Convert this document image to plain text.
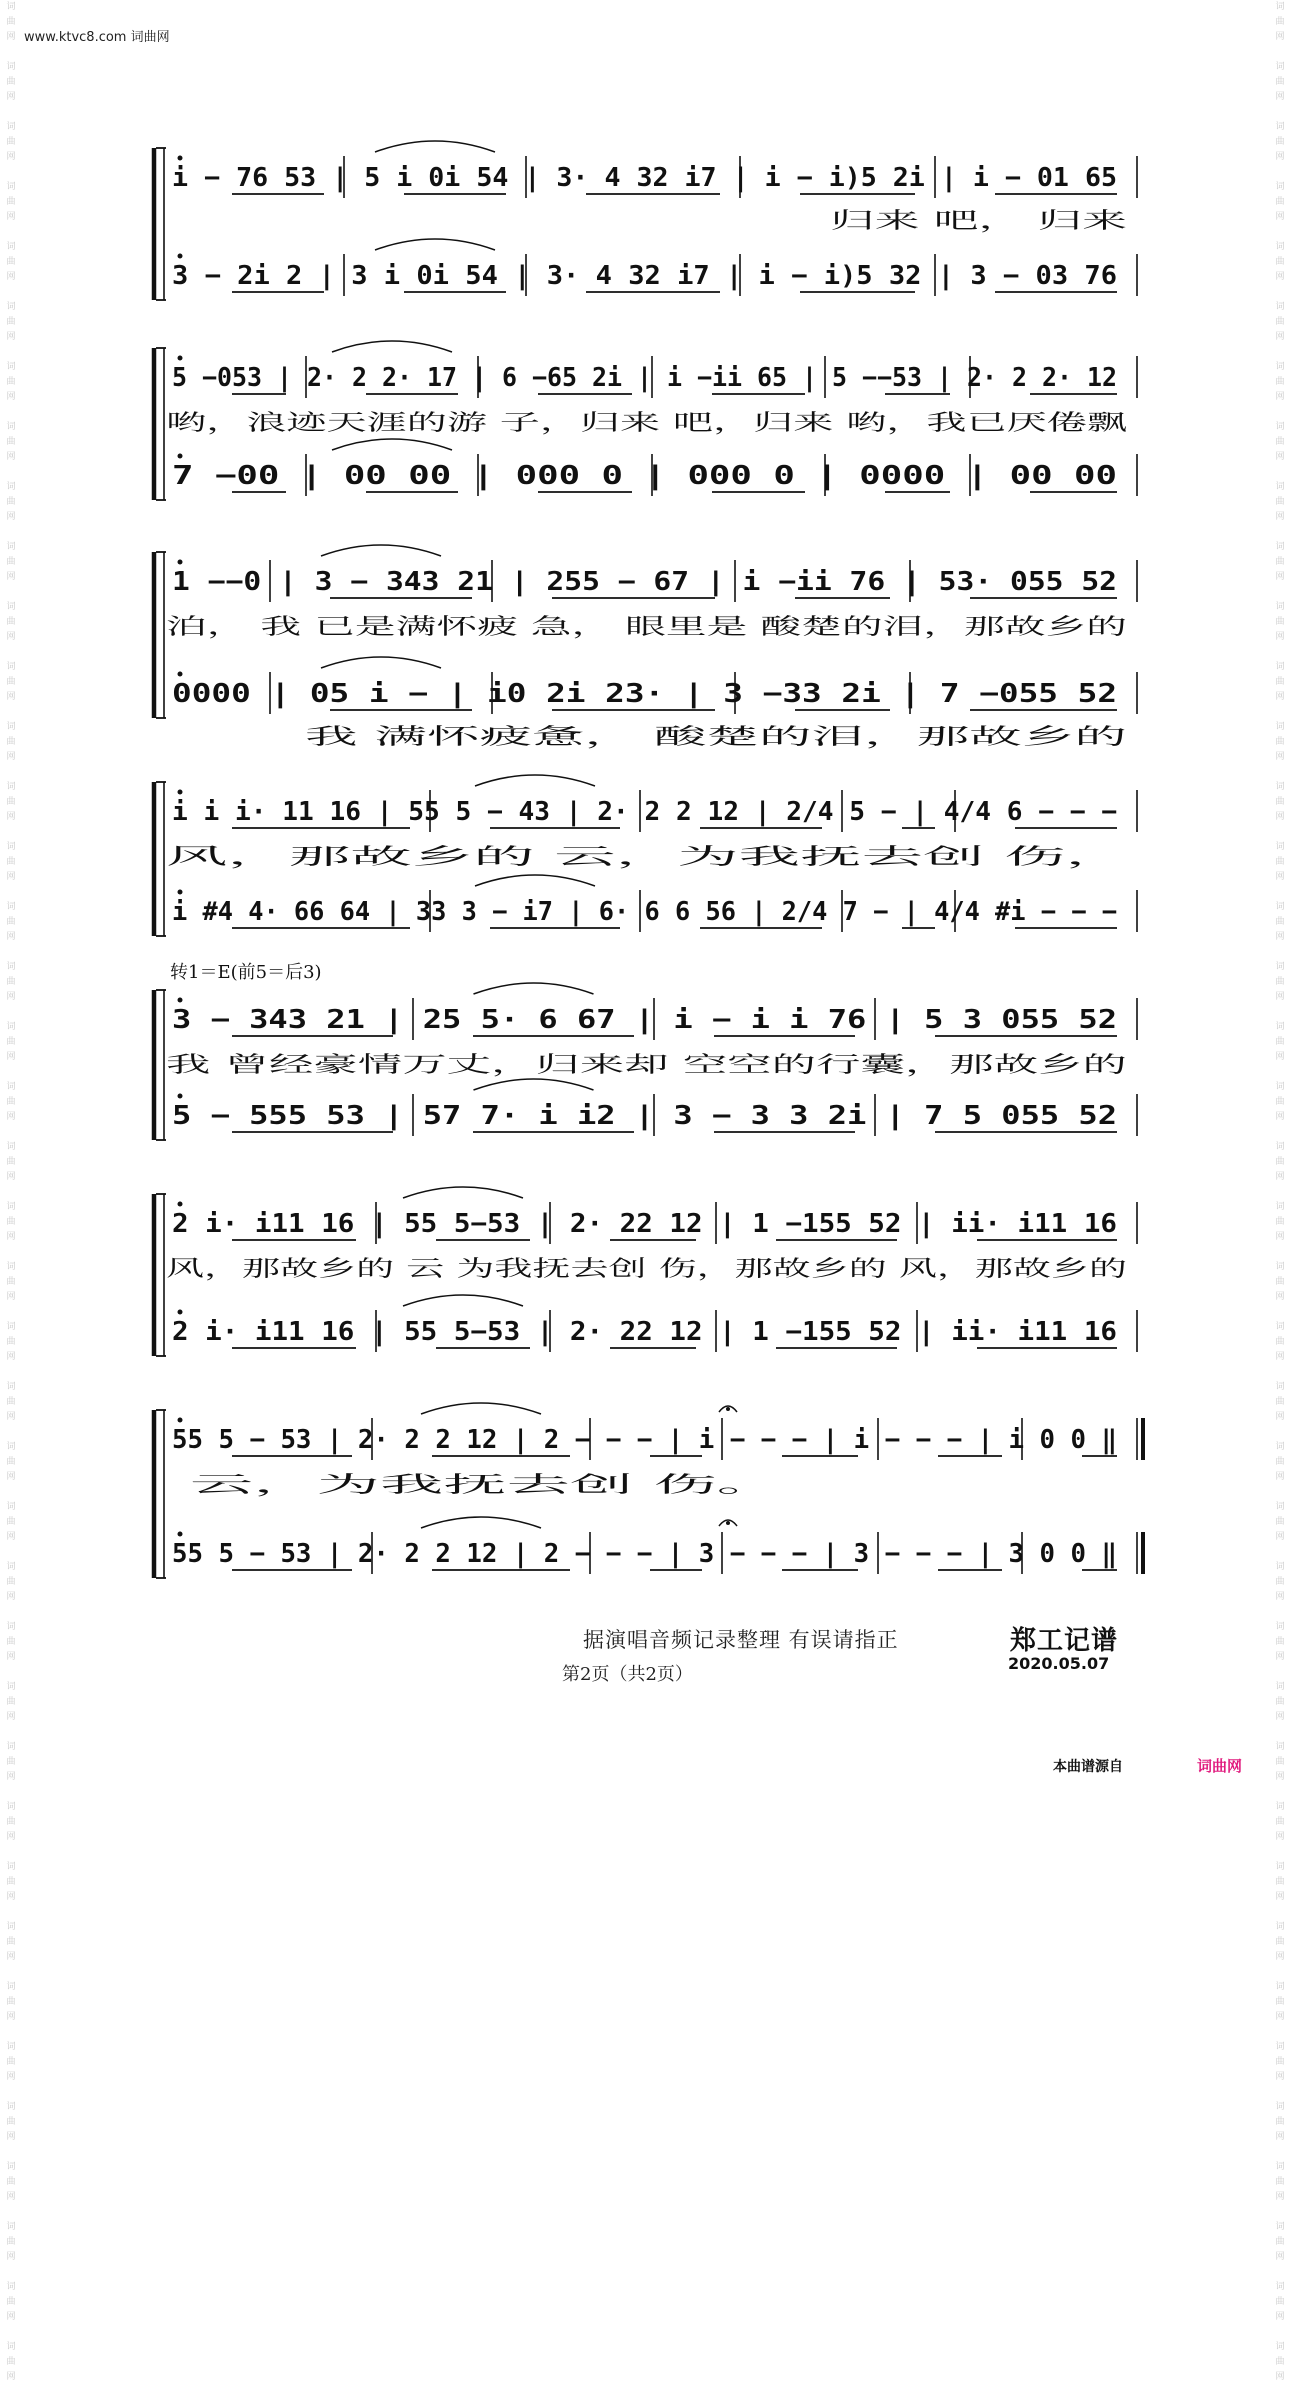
词
曲
网

词
曲
网

词
曲
网

词
曲
网

词
曲
网

词
曲
网

词
曲
网

词
曲
网

词
曲
网

词
曲
网

词
曲
网

词
曲
网

词
曲
网

词
曲
网

词
曲
网

词
曲
网

词
曲
网

词
曲
网

词
曲
网

词
曲
网

词
曲
网

词
曲
网

词
曲
网

词
曲
网

词
曲
网

词
曲
网

词
曲
网

词
曲
网

词
曲
网

词
曲
网

词
曲
网

词
曲
网

词
曲
网

词
曲
网

词
曲
网

词
曲
网

词
曲
网

词
曲
网

词
曲
网

词
曲
网

词
曲
网

词
曲
网

词
曲
网

词
曲
网

词
曲
网

词
曲
网

词
曲
网

词
曲
网

词
曲
网

词
曲
网

词
曲
网

词
曲
网

词
曲
网

词
曲
网

词
曲
网

词
曲
网

词
曲
网

词
曲
网

词
曲
网

词
曲
网

词
曲
网

词
曲
网

词
曲
网

词
曲
网

词
曲
网

词
曲
网

词
曲
网

词
曲
网

词
曲
网

词
曲
网

词
曲
网

词
曲
网

词
曲
网

词
曲
网

词
曲
网

词
曲
网

词
曲
网

词
曲
网

词
曲
网

词
曲
网

www.ktvc8.com 词曲网
i − 76 53 | 5 i 0i 54 | 3· 4 32 i7 | i − i)5 2i | i − 01 65
3 − 2i 2 | 3 i 0i 54 | 3· 4 32 i7 | i − i)5 32 | 3 − 03 76
归来 吧， 归来
5 −053 | 2· 2 2· 17 | 6 −65 2i | i −ii 65 | 5 −−53 | 2· 2 2· 12
7 −00 | 00 00 | 000 0 | 000 0 | 0000 | 00 00
哟，浪迹天涯的游 子，归来 吧，归来 哟，我已厌倦飘
1 −−0 | 3 − 343 21 | 255 − 67 | i −ii 76 | 53· 055 52
0000 | 05 i − | i0 2i 23· | 3 −33 2i | 7 −055 52
泊， 我 已是满怀疲 急， 眼里是 酸楚的泪，那故乡的
我 满怀疲惫， 酸楚的泪，那故乡的
i i i· 11 16 | 55 5 − 43 | 2· 2 2 12 | 2/4 5 − | 4/4 6 − − −
i #4 4· 66 64 | 33 3 − i7 | 6· 6 6 56 | 2/4 7 − | 4/4 #i − − −
风，那故乡的 云，为我抚去创 伤，
3 − 343 21 | 25 5· 6 67 | i − i i 76 | 5 3 055 52
5 − 555 53 | 57 7· i i2 | 3 − 3 3 2i | 7 5 055 52
我 曾经豪情万丈，归来却 空空的行囊，那故乡的
2 i· i11 16 | 55 5−53 | 2· 22 12 | 1 −155 52 | ii· i11 16
2 i· i11 16 | 55 5−53 | 2· 22 12 | 1 −155 52 | ii· i11 16
风，那故乡的 云 为我抚去创 伤，那故乡的 风，那故乡的
55 5 − 53 | 2· 2 2 12 | 2 − − − | i − − − | i − − − | i 0 0 ‖
55 5 − 53 | 2· 2 2 12 | 2 − − − | 3 − − − | 3 − − − | 3 0 0 ‖
云，为我抚去创 伤。
转1＝E(前5＝后3)
据演唱音频记录整理 有误请指正
第2页（共2页）
郑工记谱
2020.05.07
本曲谱源自	词曲网
